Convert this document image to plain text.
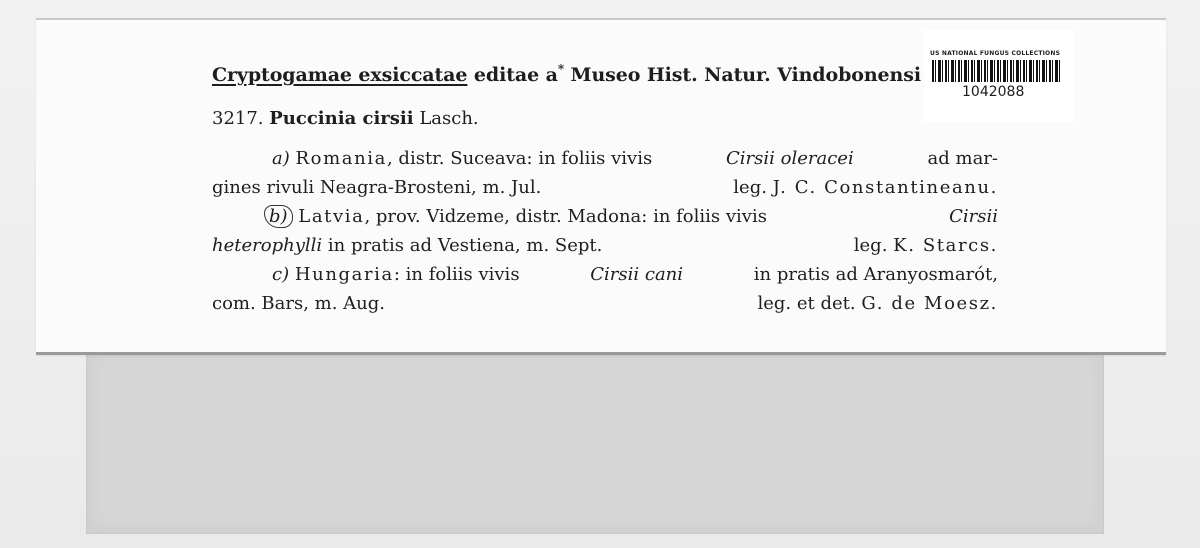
Cryptogamae exsiccatae editae a* Museo Hist. Natur. Vindobonensi
3217. Puccinia cirsii Lasch.
a) Romania, distr. Suceava: in foliis vivis	Cirsii oleracei	ad mar-
gines rivuli Neagra-Brosteni, m. Jul.	leg. J. C. Constantineanu.
b) Latvia, prov. Vidzeme, distr. Madona: in foliis vivis	Cirsii
heterophylli in pratis ad Vestiena, m. Sept.	leg. K. Starcs.
c) Hungaria: in foliis vivis	Cirsii cani	in pratis ad Aranyosmarót,
com. Bars, m. Aug.	leg. et det. G. de Moesz.
US NATIONAL FUNGUS COLLECTIONS
1042088
